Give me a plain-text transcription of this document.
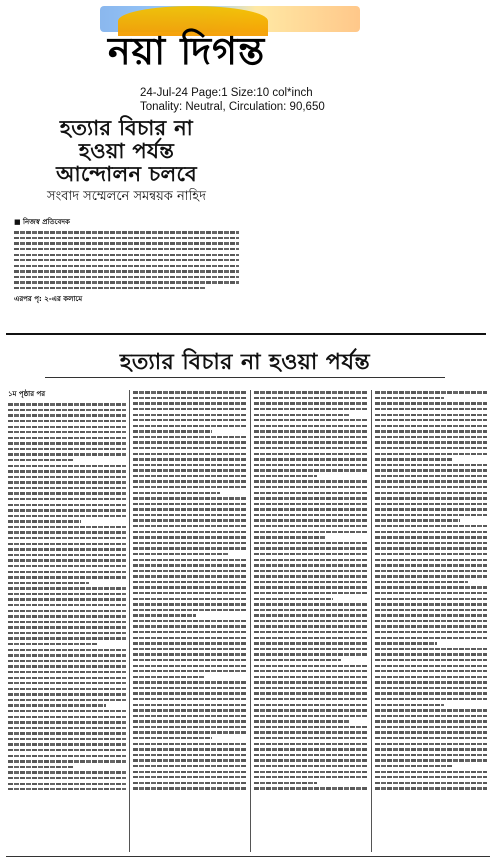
নয়া দিগন্ত
24-Jul-24 Page:1 Size:10 col*inch
Tonality: Neutral, Circulation: 90,650

হত্যার বিচার না

হওয়া পর্যন্ত

আন্দোলন চলবে

সংবাদ সম্মেলনে সমন্বয়ক নাহিদ
■ নিজস্ব প্রতিবেদক
এরপর পৃ: ২-এর কলামে
হত্যার বিচার না হওয়া পর্যন্ত
১ম পৃষ্ঠার পর
